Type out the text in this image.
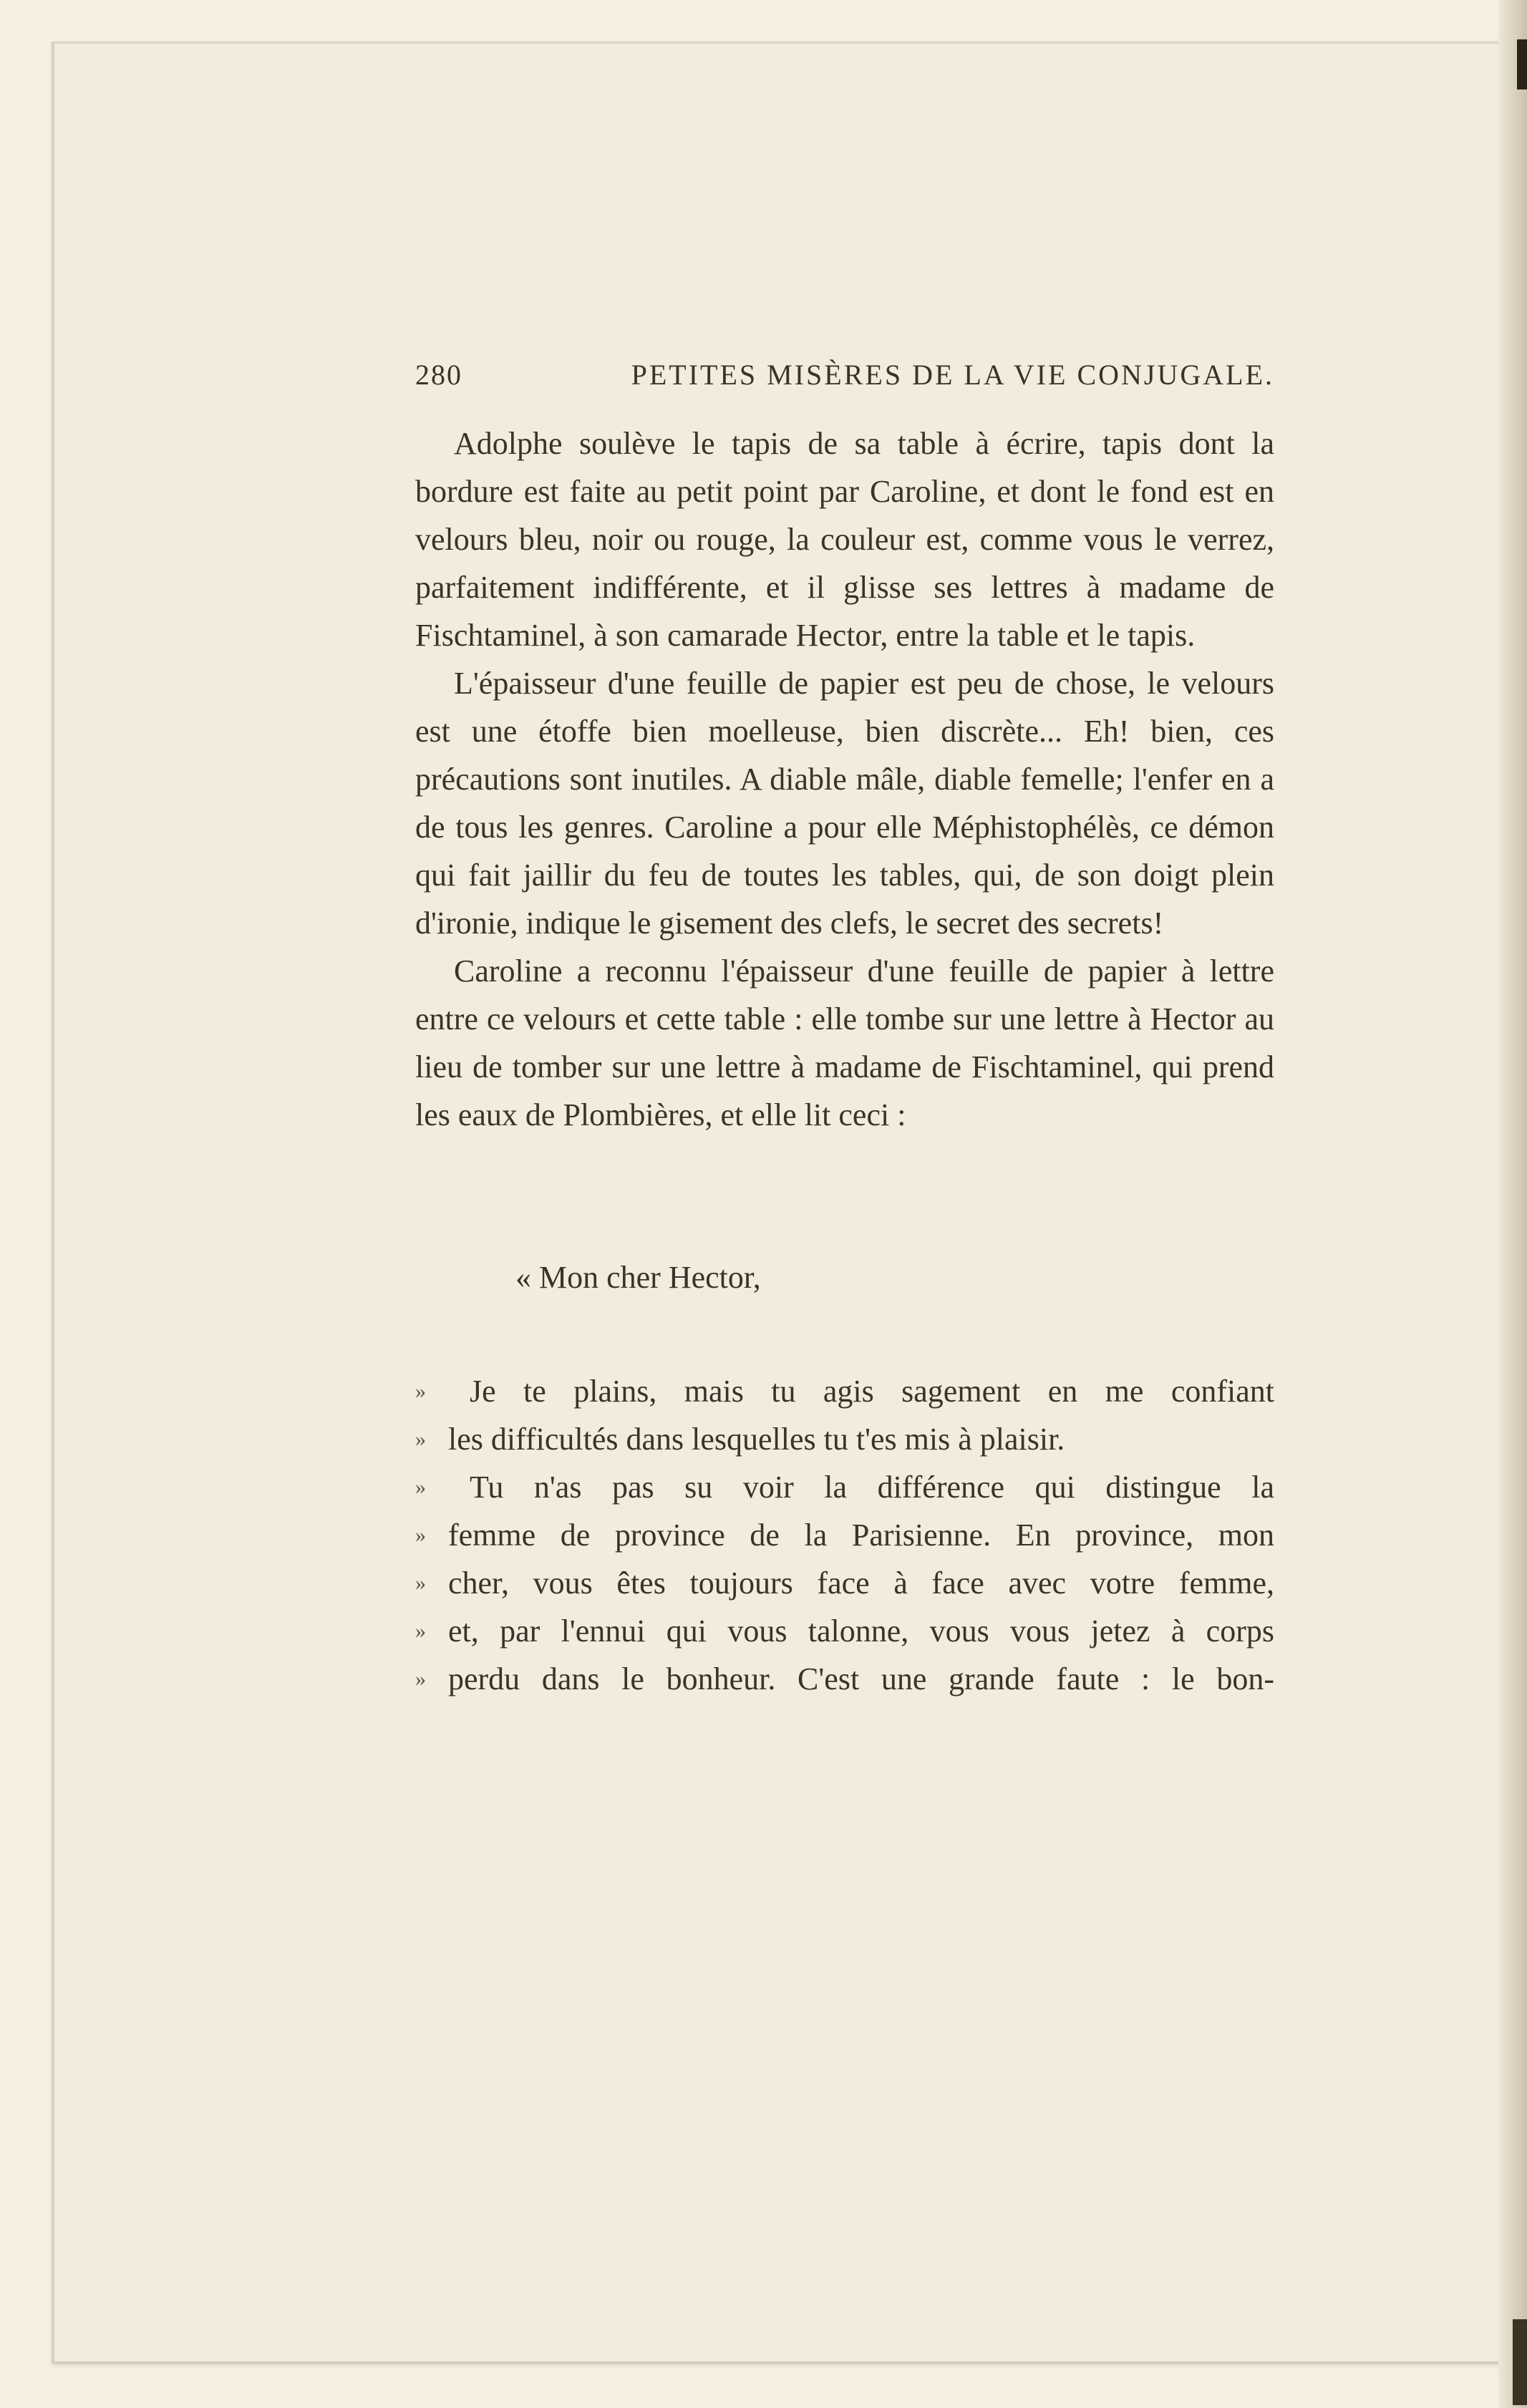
280	PETITES MISÈRES DE LA VIE CONJUGALE.

Adolphe soulève le tapis de sa table à écrire, tapis dont la bordure est faite au petit point par Caroline, et dont le fond est en velours bleu, noir ou rouge, la couleur est, comme vous le verrez, parfaitement indifférente, et il glisse ses lettres à madame de Fischtaminel, à son camarade Hector, entre la table et le tapis.

L'épaisseur d'une feuille de papier est peu de chose, le velours est une étoffe bien moelleuse, bien discrète... Eh! bien, ces précautions sont inutiles. A diable mâle, diable femelle; l'enfer en a de tous les genres. Caroline a pour elle Méphistophélès, ce démon qui fait jaillir du feu de toutes les tables, qui, de son doigt plein d'ironie, indique le gisement des clefs, le secret des secrets!

Caroline a reconnu l'épaisseur d'une feuille de papier à lettre entre ce velours et cette table : elle tombe sur une lettre à Hector au lieu de tomber sur une lettre à madame de Fischtaminel, qui prend les eaux de Plombières, et elle lit ceci :

« Mon cher Hector,
»	Je te plains, mais tu agis sagement en me confiant
» les difficultés dans lesquelles tu t'es mis à plaisir.
»	Tu n'as pas su voir la différence qui distingue la
» femme de province de la Parisienne. En province, mon
» cher, vous êtes toujours face à face avec votre femme,
» et, par l'ennui qui vous talonne, vous vous jetez à corps
» perdu dans le bonheur. C'est une grande faute : le bon-
